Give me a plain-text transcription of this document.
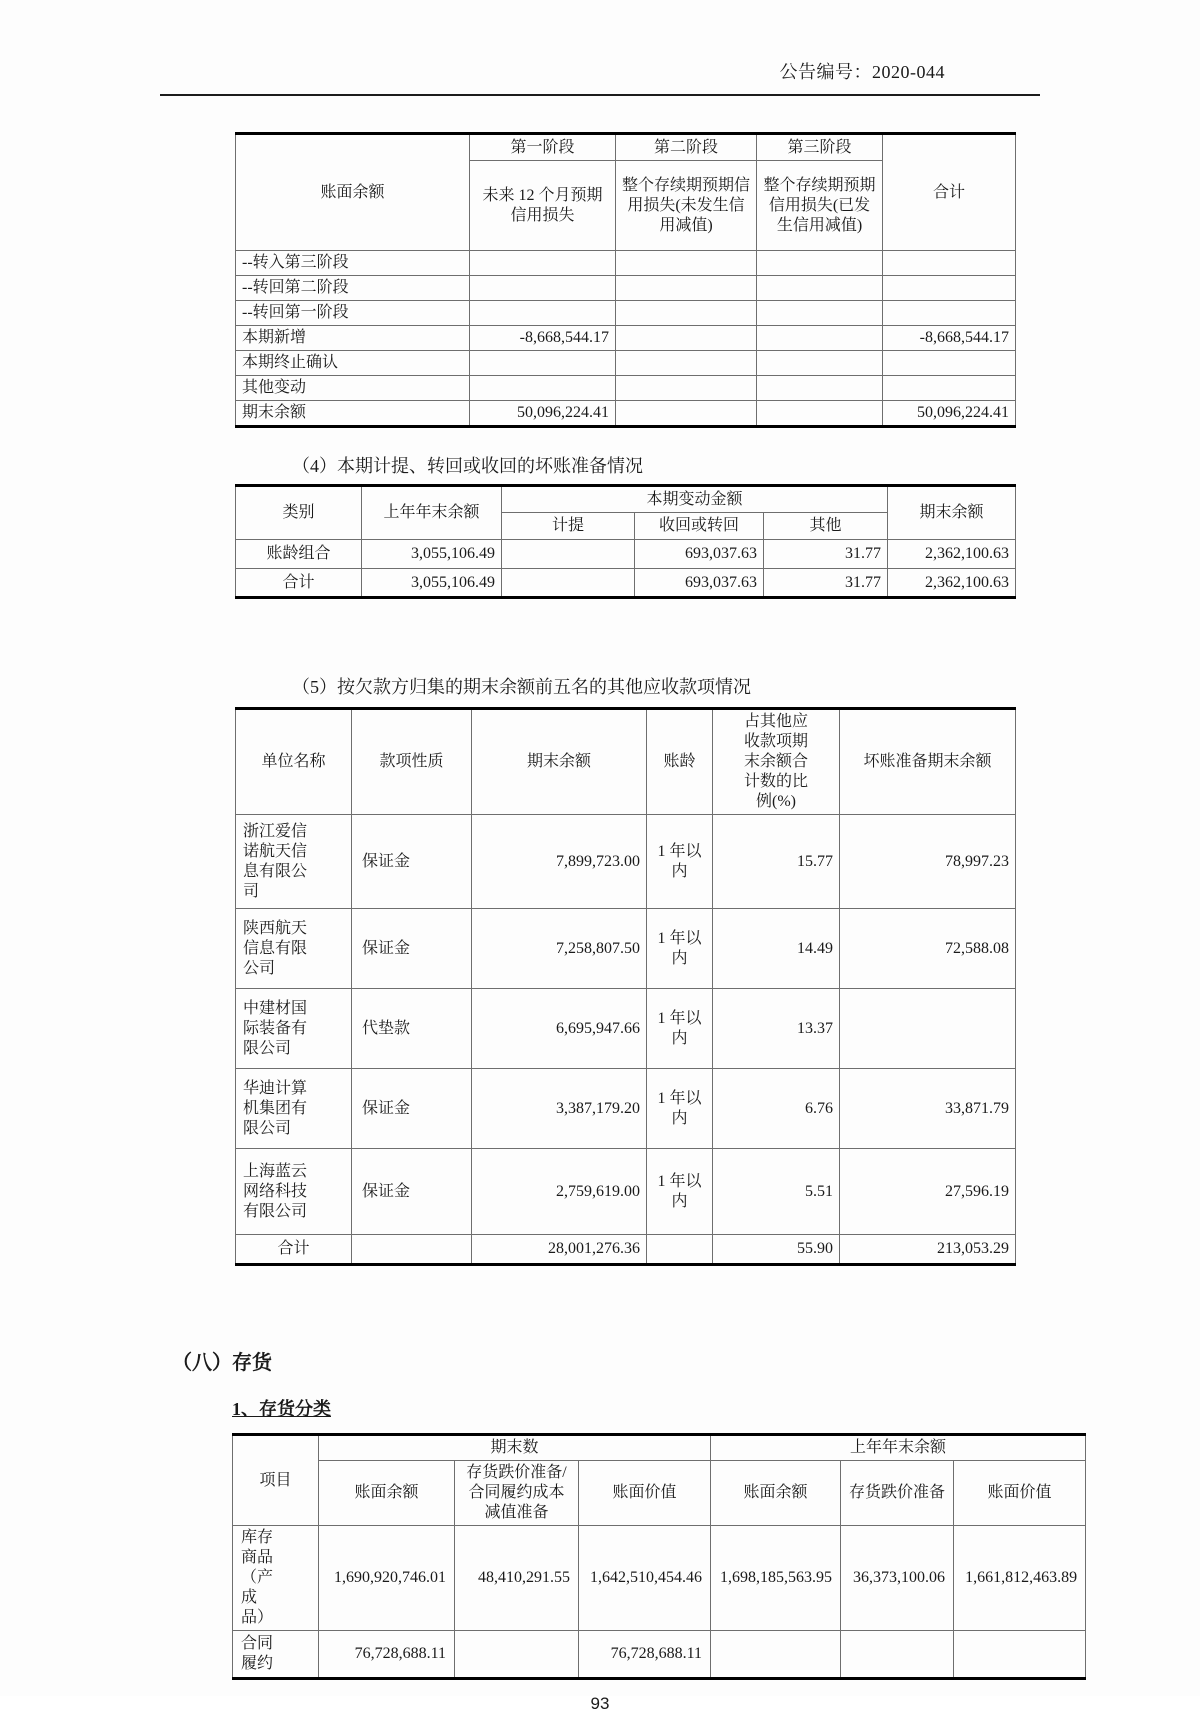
公告编号：2020-044
账面余额	第一阶段	第二阶段	第三阶段	合计
	未来 12 个月预期信用损失	整个存续期预期信用损失(未发生信用减值)	整个存续期预期信用损失(已发生信用减值)	
--转入第三阶段				
--转回第二阶段				
--转回第一阶段				
本期新增	-8,668,544.17			-8,668,544.17
本期终止确认				
其他变动				
期末余额	50,096,224.41			50,096,224.41
（4）本期计提、转回或收回的坏账准备情况
类别	上年年末余额	本期变动金额			期末余额
		计提	收回或转回	其他	
账龄组合	3,055,106.49		693,037.63	31.77	2,362,100.63
合计	3,055,106.49		693,037.63	31.77	2,362,100.63
（5）按欠款方归集的期末余额前五名的其他应收款项情况
单位名称	款项性质	期末余额	账龄	占其他应收款项期末余额合计数的比例(%)	坏账准备期末余额
浙江爱信诺航天信息有限公司	保证金	7,899,723.00	1 年以内	15.77	78,997.23
陕西航天信息有限公司	保证金	7,258,807.50	1 年以内	14.49	72,588.08
中建材国际装备有限公司	代垫款	6,695,947.66	1 年以内	13.37	
华迪计算机集团有限公司	保证金	3,387,179.20	1 年以内	6.76	33,871.79
上海蓝云网络科技有限公司	保证金	2,759,619.00	1 年以内	5.51	27,596.19
合计		28,001,276.36		55.90	213,053.29
（八）存货
1、存货分类
项目	期末数			上年年末余额		
	账面余额	存货跌价准备/合同履约成本减值准备	账面价值	账面余额	存货跌价准备	账面价值
库存商品（产成品）	1,690,920,746.01	48,410,291.55	1,642,510,454.46	1,698,185,563.95	36,373,100.06	1,661,812,463.89
合同履约	76,728,688.11		76,728,688.11			
93
